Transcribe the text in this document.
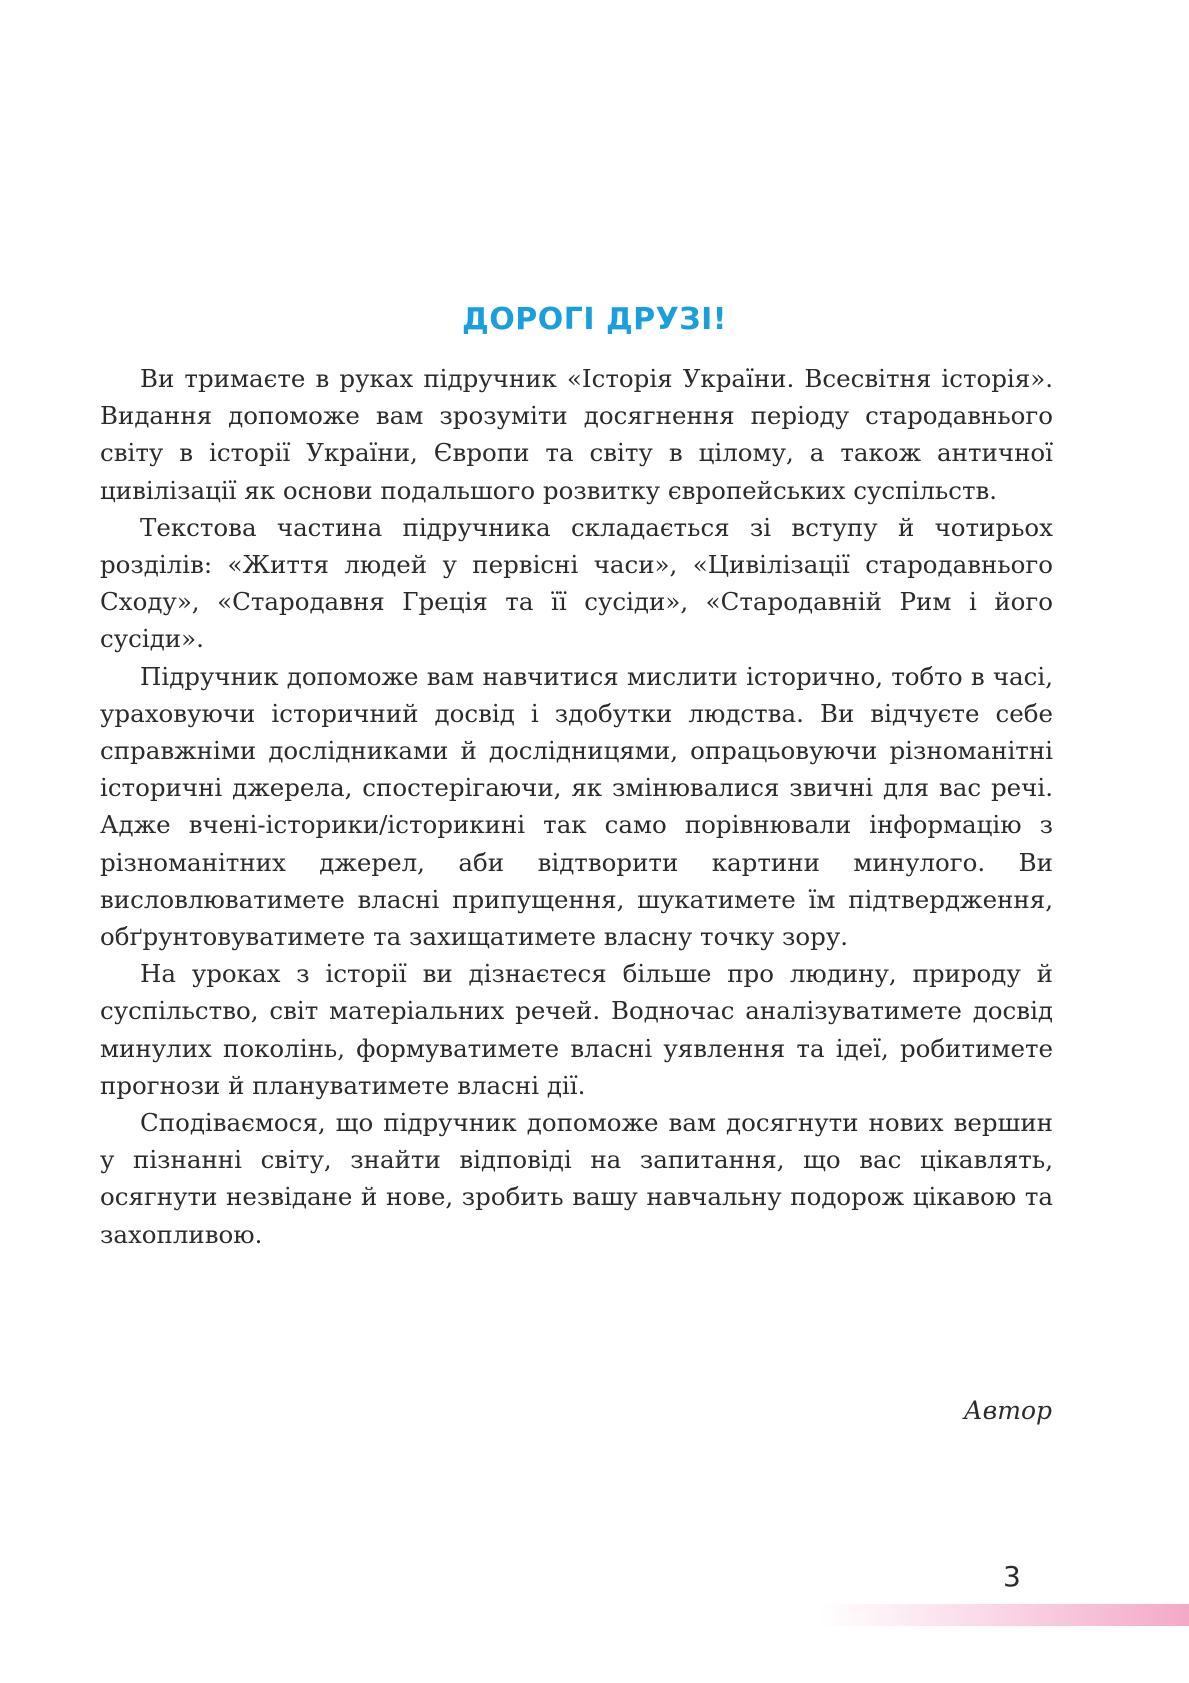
ДОРОГІ ДРУЗІ!

Ви тримаєте в руках підручник «Історія України. Всесвітня історія». Видання допоможе вам зрозуміти досягнення періоду стародавнього світу в історії України, Європи та світу в цілому, а також античної цивілізації як основи подальшого розвитку європейських суспільств.

Текстова частина підручника складається зі вступу й чотирьох розділів: «Життя людей у первісні часи», «Цивілізації стародавнього Сходу», «Стародавня Греція та її сусіди», «Стародавній Рим і його сусіди».

Підручник допоможе вам навчитися мислити історично, тобто в часі, ураховуючи історичний досвід і здобутки людства. Ви відчуєте себе справжніми дослідниками й дослідницями, опрацьовуючи різноманітні історичні джерела, спостерігаючи, як змінювалися звичні для вас речі. Адже вчені-історики/історикині так само порівнювали інформацію з різноманітних джерел, аби відтворити картини минулого. Ви висловлюватимете власні припущення, шукатимете їм підтвердження, обґрунтовуватимете та захищатимете власну точку зору.

На уроках з історії ви дізнаєтеся більше про людину, природу й суспільство, світ матеріальних речей. Водночас аналізуватимете досвід минулих поколінь, формуватимете власні уявлення та ідеї, робитимете прогнози й плануватимете власні дії.

Сподіваємося, що підручник допоможе вам досягнути нових вершин у пізнанні світу, знайти відповіді на запитання, що вас цікавлять, осягнути незвідане й нове, зробить вашу навчальну подорож цікавою та захопливою.

Автор
3
